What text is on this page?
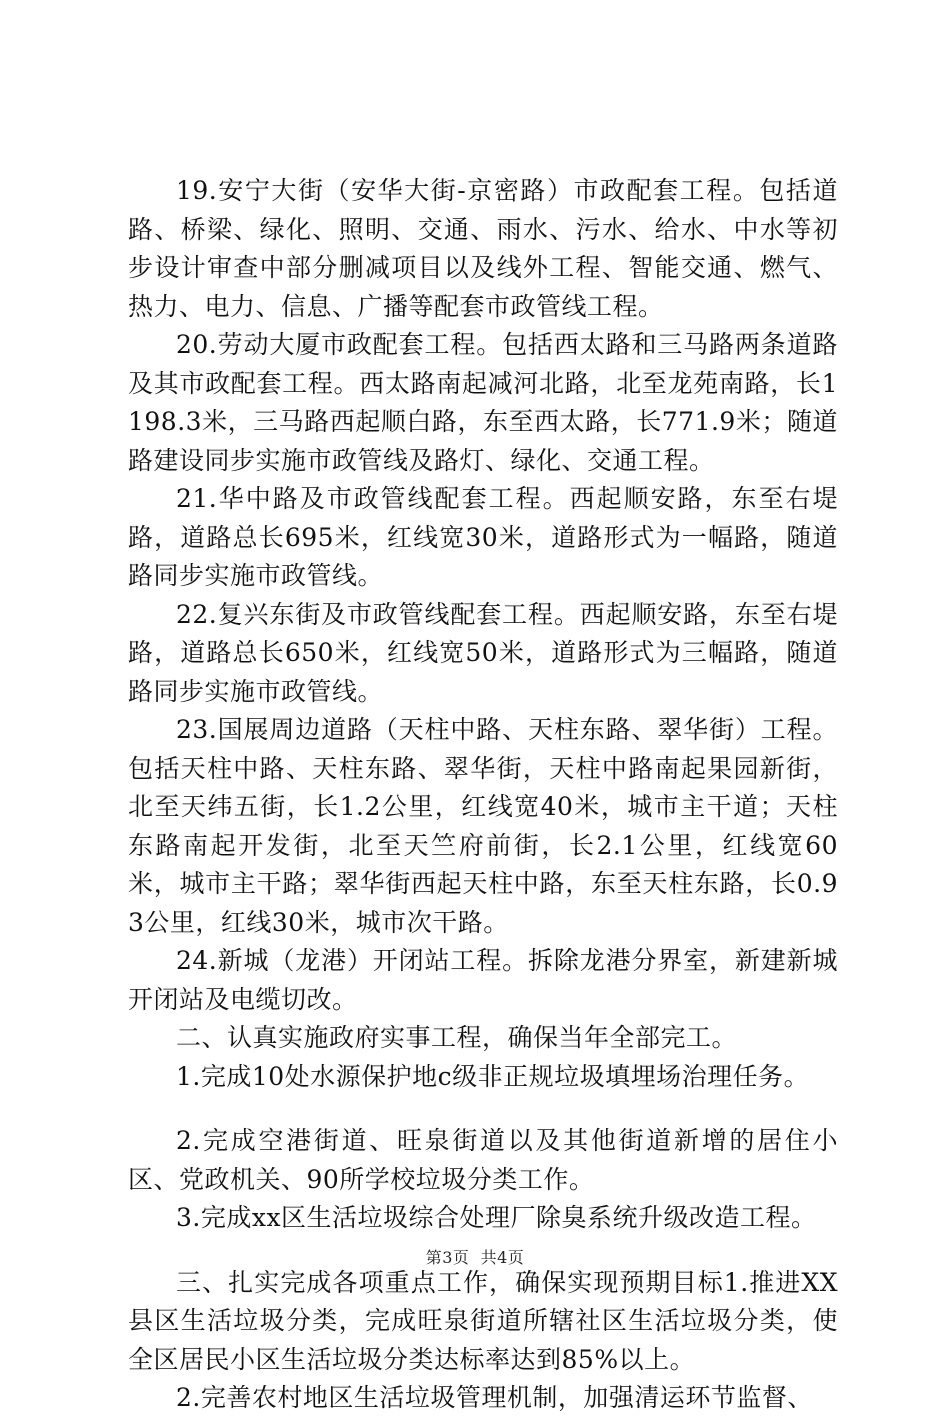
19.安宁大街（安华大街-京密路）市政配套工程。包括道路、桥梁、绿化、照明、交通、雨水、污水、给水、中水等初步设计审查中部分删减项目以及线外工程、智能交通、燃气、热力、电力、信息、广播等配套市政管线工程。

20.劳动大厦市政配套工程。包括西太路和三马路两条道路及其市政配套工程。西太路南起减河北路，北至龙苑南路，长1198.3米，三马路西起顺白路，东至西太路，长771.9米；随道路建设同步实施市政管线及路灯、绿化、交通工程。

21.华中路及市政管线配套工程。西起顺安路，东至右堤路，道路总长695米，红线宽30米，道路形式为一幅路，随道路同步实施市政管线。

22.复兴东街及市政管线配套工程。西起顺安路，东至右堤路，道路总长650米，红线宽50米，道路形式为三幅路，随道路同步实施市政管线。

23.国展周边道路（天柱中路、天柱东路、翠华街）工程。包括天柱中路、天柱东路、翠华街，天柱中路南起果园新街，北至天纬五街，长1.2公里，红线宽40米，城市主干道；天柱东路南起开发街，北至天竺府前街，长2.1公里，红线宽60米，城市主干路；翠华街西起天柱中路，东至天柱东路，长0.93公里，红线30米，城市次干路。

24.新城（龙港）开闭站工程。拆除龙港分界室，新建新城开闭站及电缆切改。

二、认真实施政府实事工程，确保当年全部完工。

1.完成10处水源保护地c级非正规垃圾填埋场治理任务。

2.完成空港街道、旺泉街道以及其他街道新增的居住小区、党政机关、90所学校垃圾分类工作。

3.完成xx区生活垃圾综合处理厂除臭系统升级改造工程。

三、扎实完成各项重点工作，确保实现预期目标1.推进XX县区生活垃圾分类，完成旺泉街道所辖社区生活垃圾分类，使全区居民小区生活垃圾分类达标率达到85%以上。

2.完善农村地区生活垃圾管理机制，加强清运环节监督、

第3页  共4页
